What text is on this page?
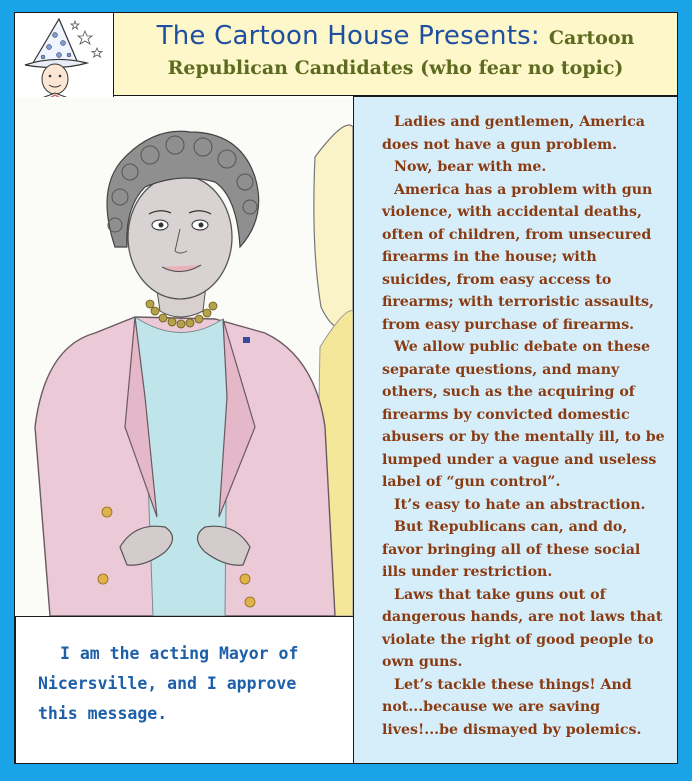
The Cartoon House Presents: Cartoon
Republican Candidates (who fear no topic)

Ladies and gentlemen, America does not have a gun problem.

Now, bear with me.

America has a problem with gun violence, with accidental deaths, often of children, from unsecured firearms in the house; with suicides, from easy access to firearms; with terroristic assaults, from easy purchase of firearms.

We allow public debate on these separate questions, and many others, such as the acquiring of firearms by convicted domestic abusers or by the mentally ill, to be lumped under a vague and useless label of “gun control”.

It’s easy to hate an abstraction.

But Republicans can, and do, favor bringing all of these social ills under restriction.

Laws that take guns out of dangerous hands, are not laws that violate the right of good people to own guns.

Let’s tackle these things! And not...because we are saving lives!...be dismayed by polemics.

I am the acting Mayor of Nicersville, and I approve this message.
